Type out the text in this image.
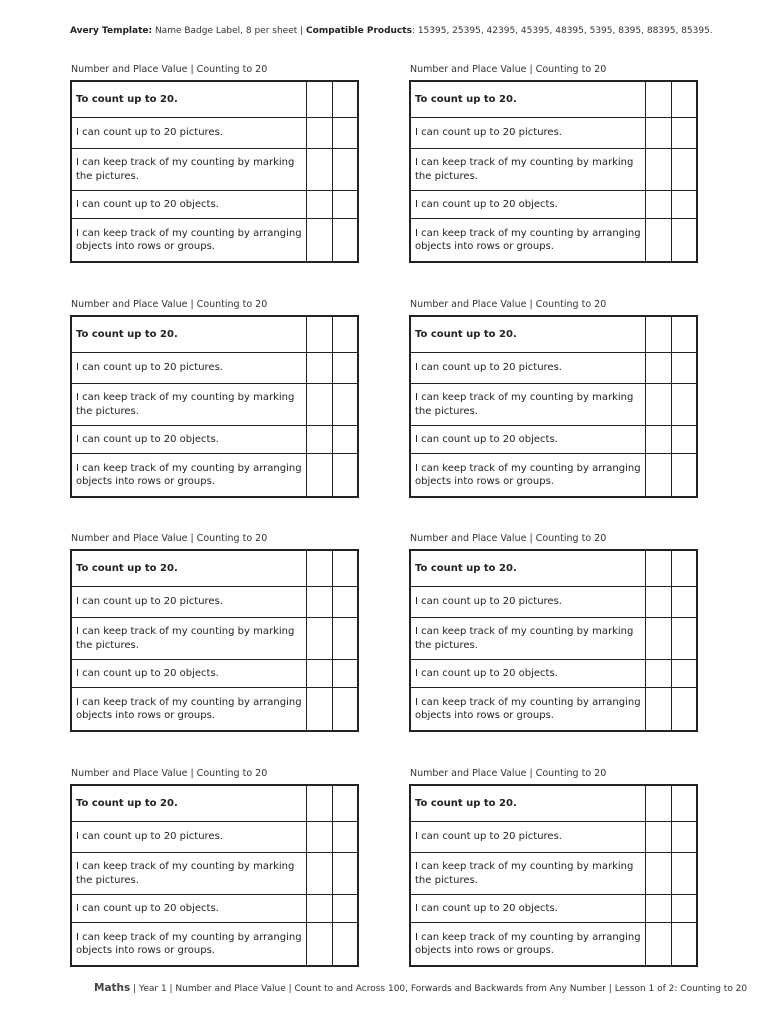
Avery Template: Name Badge Label, 8 per sheet | Compatible Products: 15395, 25395, 42395, 45395, 48395, 5395, 8395, 88395, 85395.
Number and Place Value | Counting to 20
To count up to 20.
I can count up to 20 pictures.
I can keep track of my counting by marking the pictures.
I can count up to 20 objects.
I can keep track of my counting by arranging objects into rows or groups.
Number and Place Value | Counting to 20
To count up to 20.
I can count up to 20 pictures.
I can keep track of my counting by marking the pictures.
I can count up to 20 objects.
I can keep track of my counting by arranging objects into rows or groups.
Number and Place Value | Counting to 20
To count up to 20.
I can count up to 20 pictures.
I can keep track of my counting by marking the pictures.
I can count up to 20 objects.
I can keep track of my counting by arranging objects into rows or groups.
Number and Place Value | Counting to 20
To count up to 20.
I can count up to 20 pictures.
I can keep track of my counting by marking the pictures.
I can count up to 20 objects.
I can keep track of my counting by arranging objects into rows or groups.
Number and Place Value | Counting to 20
To count up to 20.
I can count up to 20 pictures.
I can keep track of my counting by marking the pictures.
I can count up to 20 objects.
I can keep track of my counting by arranging objects into rows or groups.
Number and Place Value | Counting to 20
To count up to 20.
I can count up to 20 pictures.
I can keep track of my counting by marking the pictures.
I can count up to 20 objects.
I can keep track of my counting by arranging objects into rows or groups.
Number and Place Value | Counting to 20
To count up to 20.
I can count up to 20 pictures.
I can keep track of my counting by marking the pictures.
I can count up to 20 objects.
I can keep track of my counting by arranging objects into rows or groups.
Number and Place Value | Counting to 20
To count up to 20.
I can count up to 20 pictures.
I can keep track of my counting by marking the pictures.
I can count up to 20 objects.
I can keep track of my counting by arranging objects into rows or groups.
Maths | Year 1 | Number and Place Value | Count to and Across 100, Forwards and Backwards from Any Number | Lesson 1 of 2: Counting to 20
